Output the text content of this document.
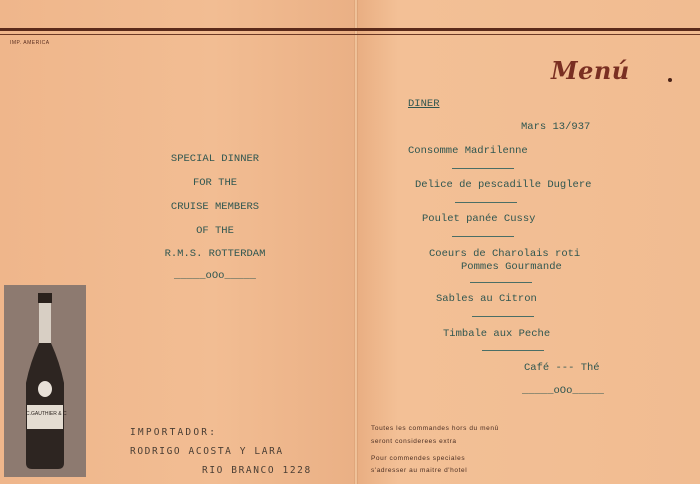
IMP. AMERICA
SPECIAL DINNER
FOR THE
CRUISE MEMBERS
OF THE
R.M.S. ROTTERDAM
_____oOo_____
C.GAUTHIER & C
IMPORTADOR:
RODRIGO ACOSTA Y LARA
RIO BRANCO 1228
Menú
DINER
Mars 13/937
Consomme Madrilenne
Delice de pescadille Duglere
Poulet panée Cussy
Coeurs de Charolais roti
Pommes Gourmande
Sables au Citron
Timbale aux Peche
Café --- Thé
_____oOo_____
Toutes les commandes hors du menû
seront considerees extra
Pour commendes speciales
s'adresser au maitre d'hotel
